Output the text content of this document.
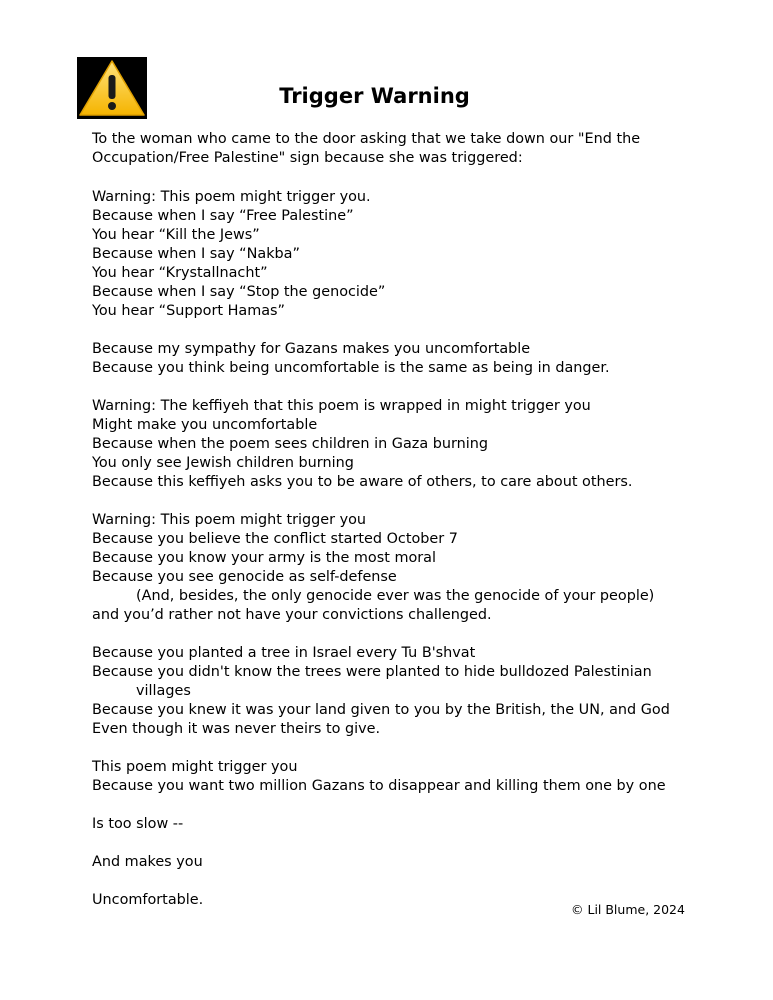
Trigger Warning
To the woman who came to the door asking that we take down our "End the
Occupation/Free Palestine" sign because she was triggered:
Warning: This poem might trigger you.
Because when I say “Free Palestine”
You hear “Kill the Jews”
Because when I say “Nakba”
You hear “Krystallnacht”
Because when I say “Stop the genocide”
You hear “Support Hamas”
Because my sympathy for Gazans makes you uncomfortable
Because you think being uncomfortable is the same as being in danger.
Warning: The keffiyeh that this poem is wrapped in might trigger you
Might make you uncomfortable
Because when the poem sees children in Gaza burning
You only see Jewish children burning
Because this keffiyeh asks you to be aware of others, to care about others.
Warning: This poem might trigger you
Because you believe the conflict started October 7
Because you know your army is the most moral
Because you see genocide as self-defense
(And, besides, the only genocide ever was the genocide of your people)
and you’d rather not have your convictions challenged.
Because you planted a tree in Israel every Tu B'shvat
Because you didn't know the trees were planted to hide bulldozed Palestinian
villages
Because you knew it was your land given to you by the British, the UN, and God
Even though it was never theirs to give.
This poem might trigger you
Because you want two million Gazans to disappear and killing them one by one
Is too slow --
And makes you
Uncomfortable.
© Lil Blume, 2024
